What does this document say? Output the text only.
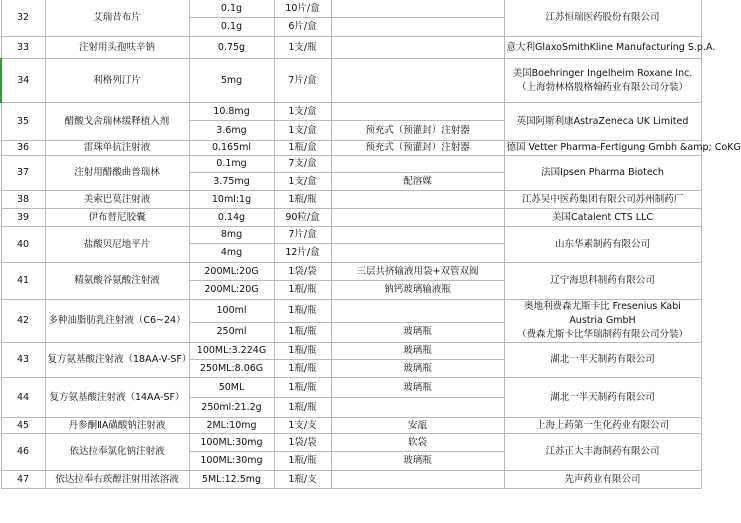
32	艾瑞昔布片	0.1g	10片/盒		江苏恒瑞医药股份有限公司

		0.1g	6片/盒		
33	注射用头孢呋辛钠	0.75g	1支/瓶		意大利GlaxoSmithKline Manufacturing S.p.A.

34	利格列汀片	5mg	7片/盒		美国Boehringer Ingelheim Roxane Inc.
（上海勃林格殷格翰药业有限公司分装）

35	醋酸戈舍瑞林缓释植入剂	10.8mg	1支/盒		英国阿斯利康AstraZeneca UK Limited

		3.6mg	1支/盒	预充式（预灌封）注射器	
36	雷珠单抗注射液	0.165ml	1瓶/盒	预充式（预灌封）注射器	德国 Vetter Pharma-Fertigung Gmbh &amp; CoKG

37	注射用醋酸曲普瑞林	0.1mg	7支/盒		法国Ipsen Pharma Biotech

		3.75mg	1支/盒	配溶媒	
38	美索巴莫注射液	10ml:1g	1瓶/瓶		江苏吴中医药集团有限公司苏州制药厂

39	伊布替尼胶囊	0.14g	90粒/盒		美国Catalent CTS LLC

40	盐酸贝尼地平片	8mg	7片/盒		山东华素制药有限公司

		4mg	12片/盒		
41	精氨酸谷氨酸注射液	200ML:20G	1袋/袋	三层共挤输液用袋+双管双阀	辽宁海思科制药有限公司

		200ML:20G	1瓶/瓶	钠钙玻璃输液瓶	
42	多种油脂肪乳注射液（C6~24）	100ml	1瓶/瓶		奥地利费森尤斯卡比 Fresenius Kabi Austria GmbH
（费森尤斯卡比华瑞制药有限公司分装）

		250ml	1瓶/瓶	玻璃瓶	
43	复方氨基酸注射液（18AA-V-SF）	100ML:3.224G	1瓶/瓶	玻璃瓶	湖北一半天制药有限公司

		250ML:8.06G	1瓶/瓶	玻璃瓶	
44	复方氨基酸注射液（14AA-SF）	50ML	1瓶/瓶	玻璃瓶	湖北一半天制药有限公司

		250ml:21.2g	1瓶/瓶		
45	丹参酮ⅡA磺酸钠注射液	2ML:10mg	1支/支	安瓿	上海上药第一生化药业有限公司

46	依达拉奉氯化钠注射液	100ML:30mg	1袋/袋	软袋	江苏正大丰海制药有限公司

		100ML:30mg	1瓶/瓶	玻璃瓶	
47	依达拉奉右莰醇注射用浓溶液	5ML:12.5mg	1瓶/支		先声药业有限公司
